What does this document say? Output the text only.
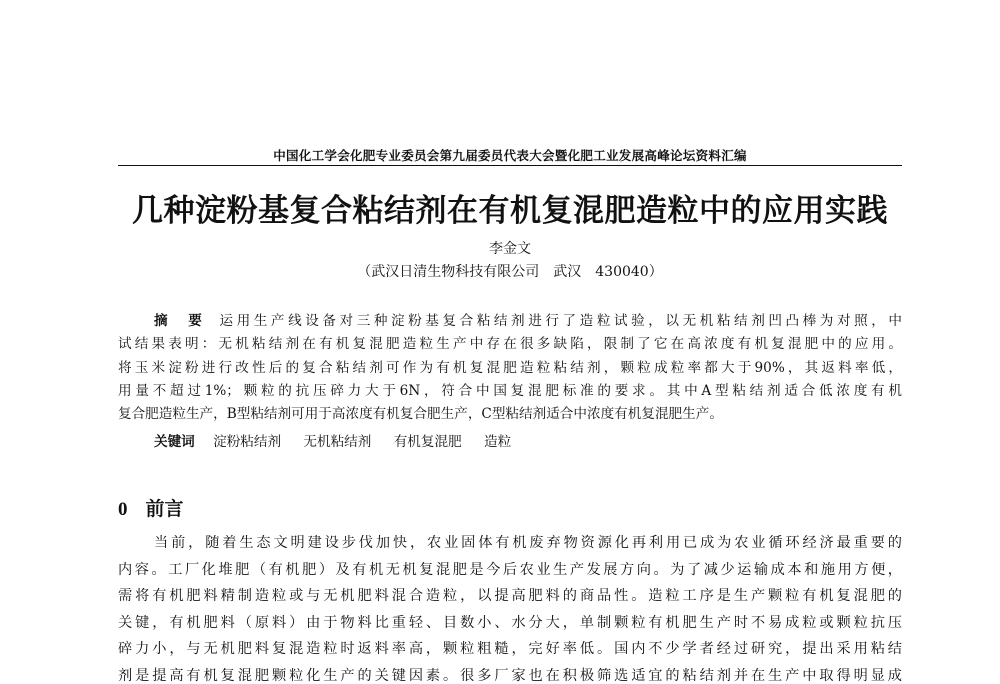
中国化工学会化肥专业委员会第九届委员代表大会暨化肥工业发展高峰论坛资料汇编
几种淀粉基复合粘结剂在有机复混肥造粒中的应用实践
李金文
（武汉日清生物科技有限公司　武汉　430040）
摘　要 运用生产线设备对三种淀粉基复合粘结剂进行了造粒试验，以无机粘结剂凹凸棒为对照，中
试结果表明：无机粘结剂在有机复混肥造粒生产中存在很多缺陷，限制了它在高浓度有机复混肥中的应用。
将玉米淀粉进行改性后的复合粘结剂可作为有机复混肥造粒粘结剂，颗粒成粒率都大于90%，其返料率低，
用量不超过1%；颗粒的抗压碎力大于6N，符合中国复混肥标准的要求。其中A型粘结剂适合低浓度有机
复合肥造粒生产，B型粘结剂可用于高浓度有机复合肥生产，C型粘结剂适合中浓度有机复混肥生产。
关键词 淀粉粘结剂 无机粘结剂 有机复混肥 造粒
0 前言
当前，随着生态文明建设步伐加快，农业固体有机废弃物资源化再利用已成为农业循环经济最重要的
内容。工厂化堆肥（有机肥）及有机无机复混肥是今后农业生产发展方向。为了减少运输成本和施用方便，
需将有机肥料精制造粒或与无机肥料混合造粒，以提高肥料的商品性。造粒工序是生产颗粒有机复混肥的
关键，有机肥料（原料）由于物料比重轻、目数小、水分大，单制颗粒有机肥生产时不易成粒或颗粒抗压
碎力小，与无机肥料复混造粒时返料率高，颗粒粗糙，完好率低。国内不少学者经过研究，提出采用粘结
剂是提高有机复混肥颗粒化生产的关键因素。很多厂家也在积极筛选适宜的粘结剂并在生产中取得明显成
